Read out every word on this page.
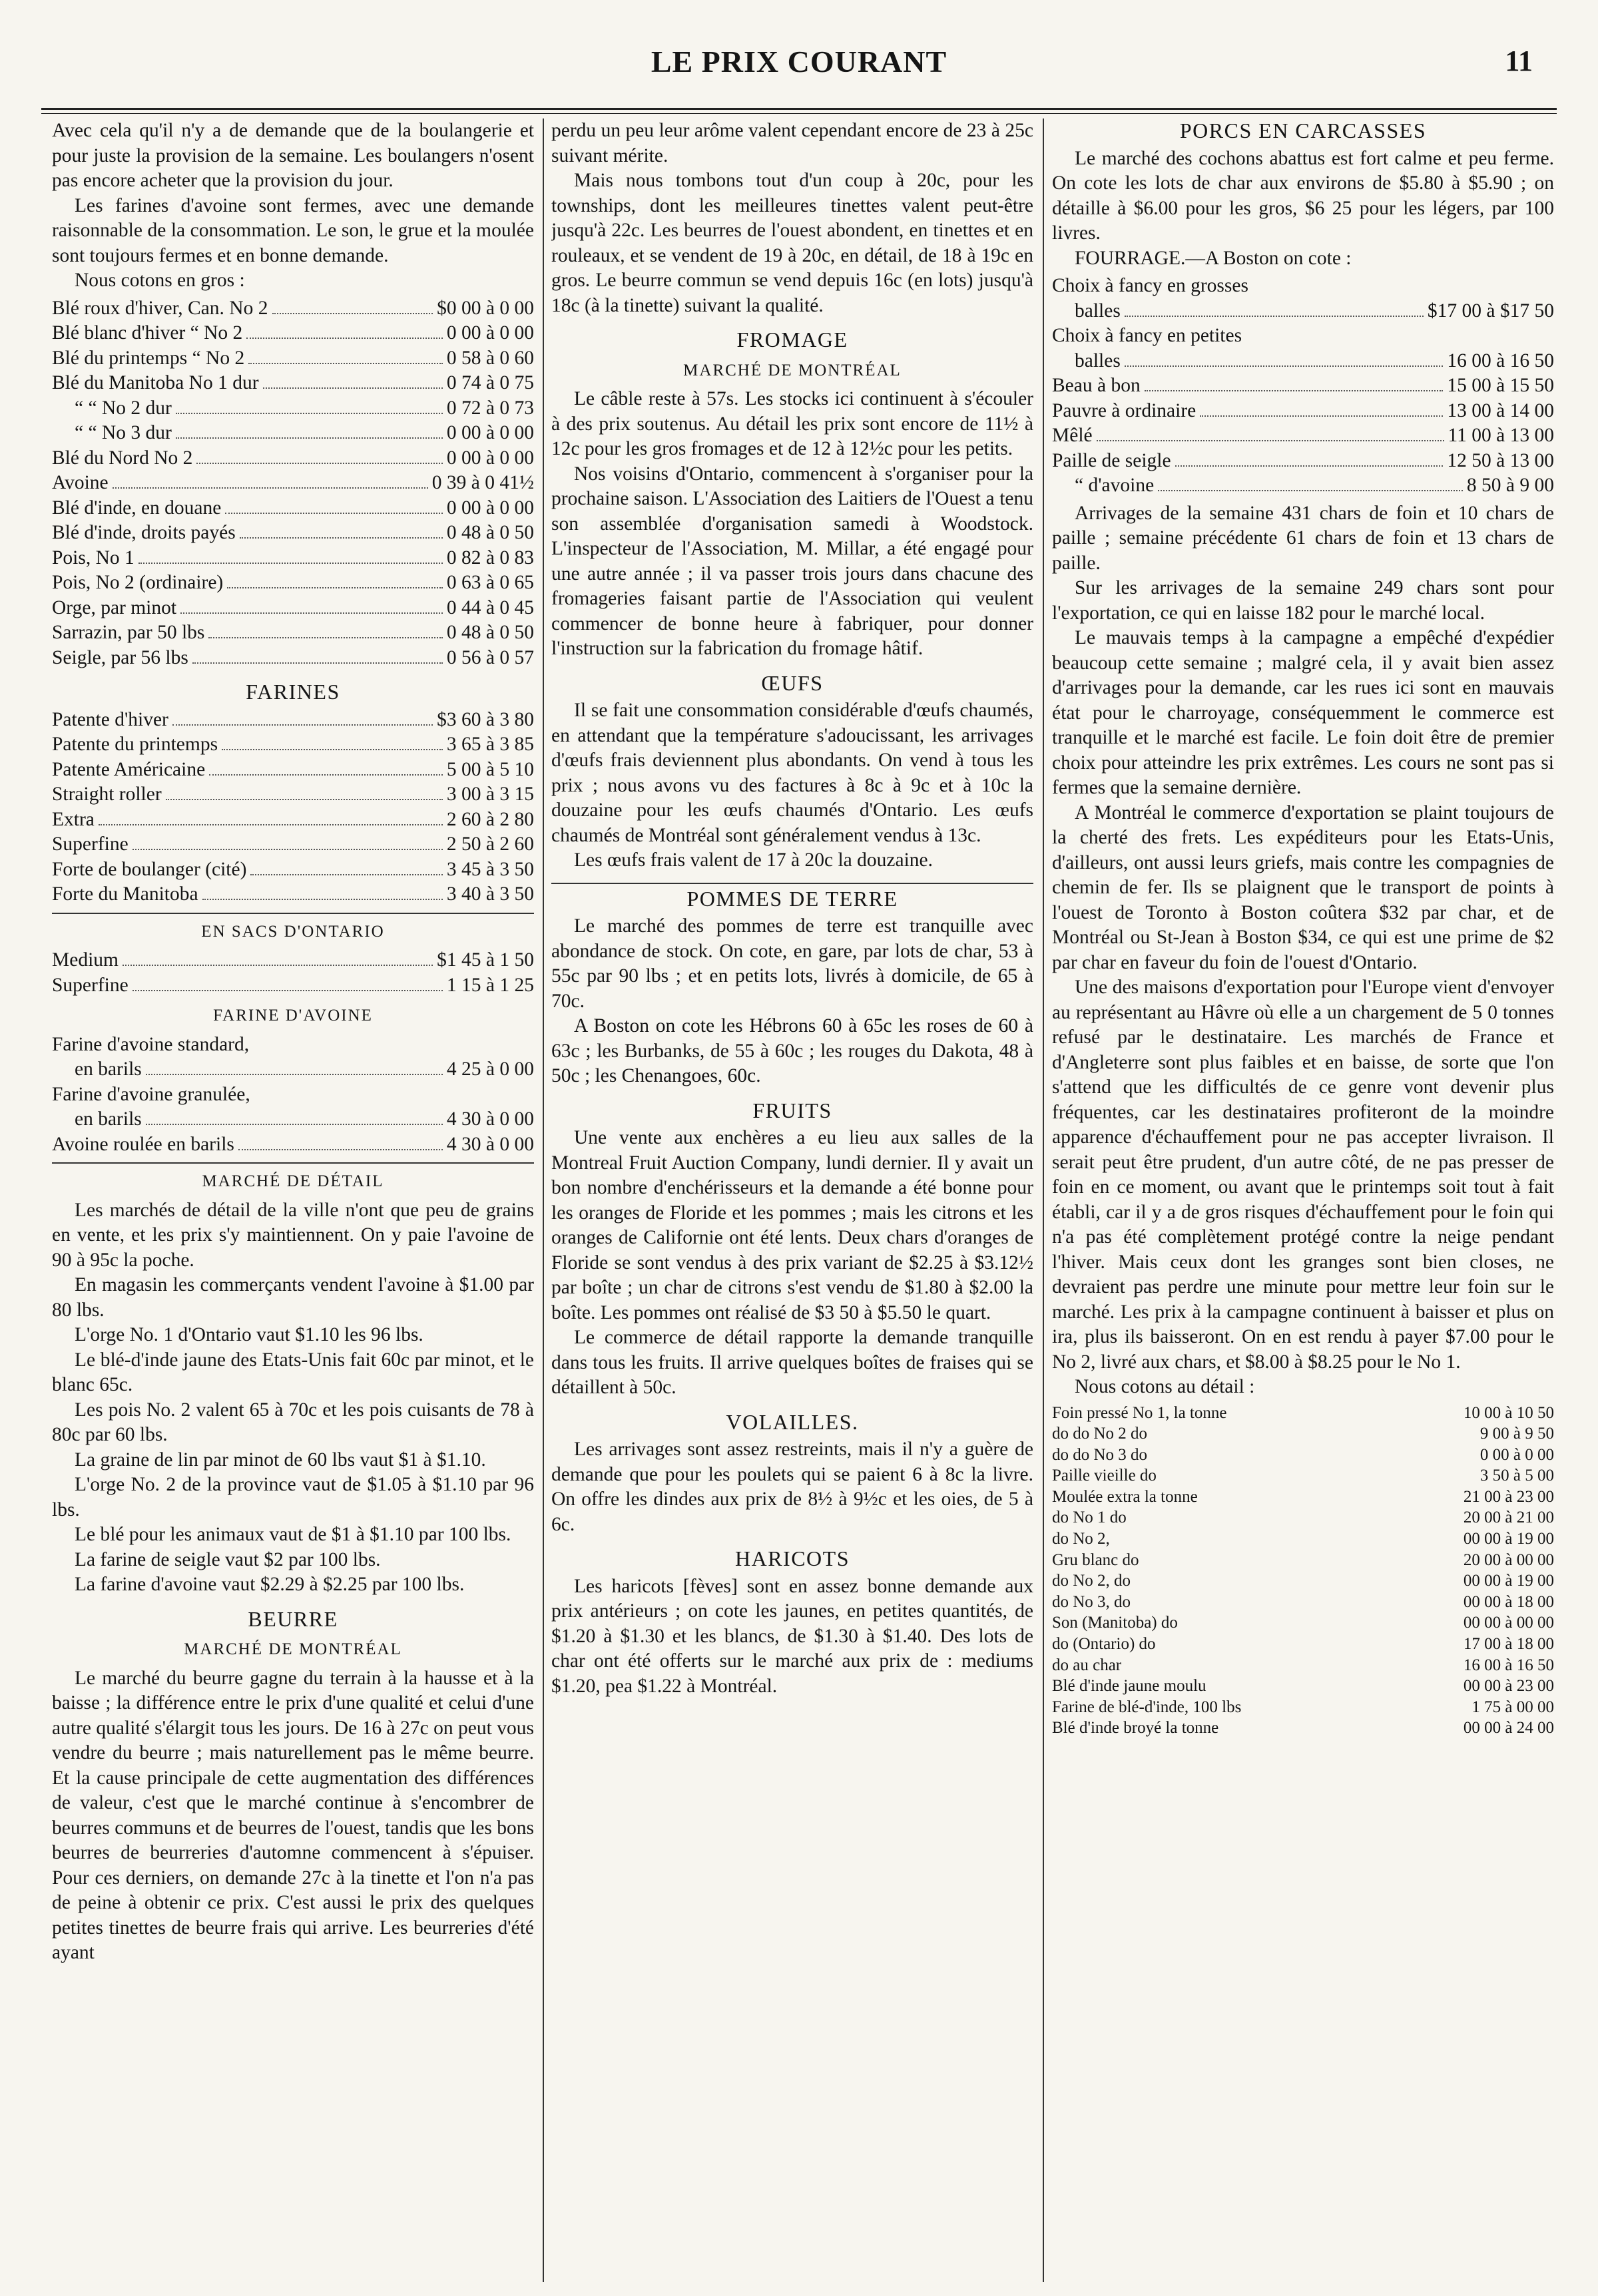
LE PRIX COURANT	11

Avec cela qu'il n'y a de demande que de la boulangerie et pour juste la provision de la semaine. Les boulangers n'osent pas encore acheter que la provision du jour.

Les farines d'avoine sont fermes, avec une demande raisonnable de la consommation. Le son, le grue et la moulée sont toujours fermes et en bonne demande.

Nous cotons en gros :

Blé roux d'hiver, Can. No 2	$0 00 à 0 00
Blé blanc d'hiver “ No 2	0 00 à 0 00
Blé du printemps “ No 2	0 58 à 0 60
Blé du Manitoba No 1 dur	0 74 à 0 75
“ “ No 2 dur	0 72 à 0 73
“ “ No 3 dur	0 00 à 0 00
Blé du Nord No 2	0 00 à 0 00
Avoine	0 39 à 0 41½
Blé d'inde, en douane	0 00 à 0 00
Blé d'inde, droits payés	0 48 à 0 50
Pois, No 1	0 82 à 0 83
Pois, No 2 (ordinaire)	0 63 à 0 65
Orge, par minot	0 44 à 0 45
Sarrazin, par 50 lbs	0 48 à 0 50
Seigle, par 56 lbs	0 56 à 0 57
FARINES
Patente d'hiver	$3 60 à 3 80
Patente du printemps	3 65 à 3 85
Patente Américaine	5 00 à 5 10
Straight roller	3 00 à 3 15
Extra	2 60 à 2 80
Superfine	2 50 à 2 60
Forte de boulanger (cité)	3 45 à 3 50
Forte du Manitoba	3 40 à 3 50
EN SACS D'ONTARIO
Medium	$1 45 à 1 50
Superfine	1 15 à 1 25
FARINE D'AVOINE
Farine d'avoine standard,
en barils	4 25 à 0 00
Farine d'avoine granulée,
en barils	4 30 à 0 00
Avoine roulée en barils	4 30 à 0 00
MARCHÉ DE DÉTAIL

Les marchés de détail de la ville n'ont que peu de grains en vente, et les prix s'y maintiennent. On y paie l'avoine de 90 à 95c la poche.

En magasin les commerçants vendent l'avoine à $1.00 par 80 lbs.

L'orge No. 1 d'Ontario vaut $1.10 les 96 lbs.

Le blé-d'inde jaune des Etats-Unis fait 60c par minot, et le blanc 65c.

Les pois No. 2 valent 65 à 70c et les pois cuisants de 78 à 80c par 60 lbs.

La graine de lin par minot de 60 lbs vaut $1 à $1.10.

L'orge No. 2 de la province vaut de $1.05 à $1.10 par 96 lbs.

Le blé pour les animaux vaut de $1 à $1.10 par 100 lbs.

La farine de seigle vaut $2 par 100 lbs.

La farine d'avoine vaut $2.29 à $2.25 par 100 lbs.

BEURRE
MARCHÉ DE MONTRÉAL

Le marché du beurre gagne du terrain à la hausse et à la baisse ; la différence entre le prix d'une qualité et celui d'une autre qualité s'élargit tous les jours. De 16 à 27c on peut vous vendre du beurre ; mais naturellement pas le même beurre. Et la cause principale de cette augmentation des différences de valeur, c'est que le marché continue à s'encombrer de beurres communs et de beurres de l'ouest, tandis que les bons beurres de beurreries d'automne commencent à s'épuiser. Pour ces derniers, on demande 27c à la tinette et l'on n'a pas de peine à obtenir ce prix. C'est aussi le prix des quelques petites tinettes de beurre frais qui arrive. Les beurreries d'été ayant

perdu un peu leur arôme valent cependant encore de 23 à 25c suivant mérite.

Mais nous tombons tout d'un coup à 20c, pour les townships, dont les meilleures tinettes valent peut-être jusqu'à 22c. Les beurres de l'ouest abondent, en tinettes et en rouleaux, et se vendent de 19 à 20c, en détail, de 18 à 19c en gros. Le beurre commun se vend depuis 16c (en lots) jusqu'à 18c (à la tinette) suivant la qualité.

FROMAGE
MARCHÉ DE MONTRÉAL

Le câble reste à 57s. Les stocks ici continuent à s'écouler à des prix soutenus. Au détail les prix sont encore de 11½ à 12c pour les gros fromages et de 12 à 12½c pour les petits.

Nos voisins d'Ontario, commencent à s'organiser pour la prochaine saison. L'Association des Laitiers de l'Ouest a tenu son assemblée d'organisation samedi à Woodstock. L'inspecteur de l'Association, M. Millar, a été engagé pour une autre année ; il va passer trois jours dans chacune des fromageries faisant partie de l'Association qui veulent commencer de bonne heure à fabriquer, pour donner l'instruction sur la fabrication du fromage hâtif.

ŒUFS

Il se fait une consommation considérable d'œufs chaumés, en attendant que la température s'adoucissant, les arrivages d'œufs frais deviennent plus abondants. On vend à tous les prix ; nous avons vu des factures à 8c à 9c et à 10c la douzaine pour les œufs chaumés d'Ontario. Les œufs chaumés de Montréal sont généralement vendus à 13c.

Les œufs frais valent de 17 à 20c la douzaine.

POMMES DE TERRE

Le marché des pommes de terre est tranquille avec abondance de stock. On cote, en gare, par lots de char, 53 à 55c par 90 lbs ; et en petits lots, livrés à domicile, de 65 à 70c.

A Boston on cote les Hébrons 60 à 65c les roses de 60 à 63c ; les Burbanks, de 55 à 60c ; les rouges du Dakota, 48 à 50c ; les Chenangoes, 60c.

FRUITS

Une vente aux enchères a eu lieu aux salles de la Montreal Fruit Auction Company, lundi dernier. Il y avait un bon nombre d'enchérisseurs et la demande a été bonne pour les oranges de Floride et les pommes ; mais les citrons et les oranges de Californie ont été lents. Deux chars d'oranges de Floride se sont vendus à des prix variant de $2.25 à $3.12½ par boîte ; un char de citrons s'est vendu de $1.80 à $2.00 la boîte. Les pommes ont réalisé de $3 50 à $5.50 le quart.

Le commerce de détail rapporte la demande tranquille dans tous les fruits. Il arrive quelques boîtes de fraises qui se détaillent à 50c.

VOLAILLES.

Les arrivages sont assez restreints, mais il n'y a guère de demande que pour les poulets qui se paient 6 à 8c la livre. On offre les dindes aux prix de 8½ à 9½c et les oies, de 5 à 6c.

HARICOTS

Les haricots [fèves] sont en assez bonne demande aux prix antérieurs ; on cote les jaunes, en petites quantités, de $1.20 à $1.30 et les blancs, de $1.30 à $1.40. Des lots de char ont été offerts sur le marché aux prix de : mediums $1.20, pea $1.22 à Montréal.

PORCS EN CARCASSES

Le marché des cochons abattus est fort calme et peu ferme. On cote les lots de char aux environs de $5.80 à $5.90 ; on détaille à $6.00 pour les gros, $6 25 pour les légers, par 100 livres.

FOURRAGE.—A Boston on cote :

Choix à fancy en grosses
balles	$17 00 à $17 50
Choix à fancy en petites
balles	16 00 à 16 50
Beau à bon	15 00 à 15 50
Pauvre à ordinaire	13 00 à 14 00
Mêlé	11 00 à 13 00
Paille de seigle	12 50 à 13 00
“ d'avoine	8 50 à 9 00

Arrivages de la semaine 431 chars de foin et 10 chars de paille ; semaine précédente 61 chars de foin et 13 chars de paille.

Sur les arrivages de la semaine 249 chars sont pour l'exportation, ce qui en laisse 182 pour le marché local.

Le mauvais temps à la campagne a empêché d'expédier beaucoup cette semaine ; malgré cela, il y avait bien assez d'arrivages pour la demande, car les rues ici sont en mauvais état pour le charroyage, conséquemment le commerce est tranquille et le marché est facile. Le foin doit être de premier choix pour atteindre les prix extrêmes. Les cours ne sont pas si fermes que la semaine dernière.

A Montréal le commerce d'exportation se plaint toujours de la cherté des frets. Les expéditeurs pour les Etats-Unis, d'ailleurs, ont aussi leurs griefs, mais contre les compagnies de chemin de fer. Ils se plaignent que le transport de points à l'ouest de Toronto à Boston coûtera $32 par char, et de Montréal ou St-Jean à Boston $34, ce qui est une prime de $2 par char en faveur du foin de l'ouest d'Ontario.

Une des maisons d'exportation pour l'Europe vient d'envoyer au représentant au Hâvre où elle a un chargement de 5 0 tonnes refusé par le destinataire. Les marchés de France et d'Angleterre sont plus faibles et en baisse, de sorte que l'on s'attend que les difficultés de ce genre vont devenir plus fréquentes, car les destinataires profiteront de la moindre apparence d'échauffement pour ne pas accepter livraison. Il serait peut être prudent, d'un autre côté, de ne pas presser de foin en ce moment, ou avant que le printemps soit tout à fait établi, car il y a de gros risques d'échauffement pour le foin qui n'a pas été complètement protégé contre la neige pendant l'hiver. Mais ceux dont les granges sont bien closes, ne devraient pas perdre une minute pour mettre leur foin sur le marché. Les prix à la campagne continuent à baisser et plus on ira, plus ils baisseront. On en est rendu à payer $7.00 pour le No 2, livré aux chars, et $8.00 à $8.25 pour le No 1.

Nous cotons au détail :

Foin pressé No 1, la tonne	10 00 à 10 50
do do No 2 do	9 00 à 9 50
do do No 3 do	0 00 à 0 00
Paille vieille do	3 50 à 5 00
Moulée extra la tonne	21 00 à 23 00
do No 1 do	20 00 à 21 00
do No 2,	00 00 à 19 00
Gru blanc do	20 00 à 00 00
do No 2, do	00 00 à 19 00
do No 3, do	00 00 à 18 00
Son (Manitoba) do	00 00 à 00 00
do (Ontario) do	17 00 à 18 00
do au char	16 00 à 16 50
Blé d'inde jaune moulu	00 00 à 23 00
Farine de blé-d'inde, 100 lbs	1 75 à 00 00
Blé d'inde broyé la tonne	00 00 à 24 00
